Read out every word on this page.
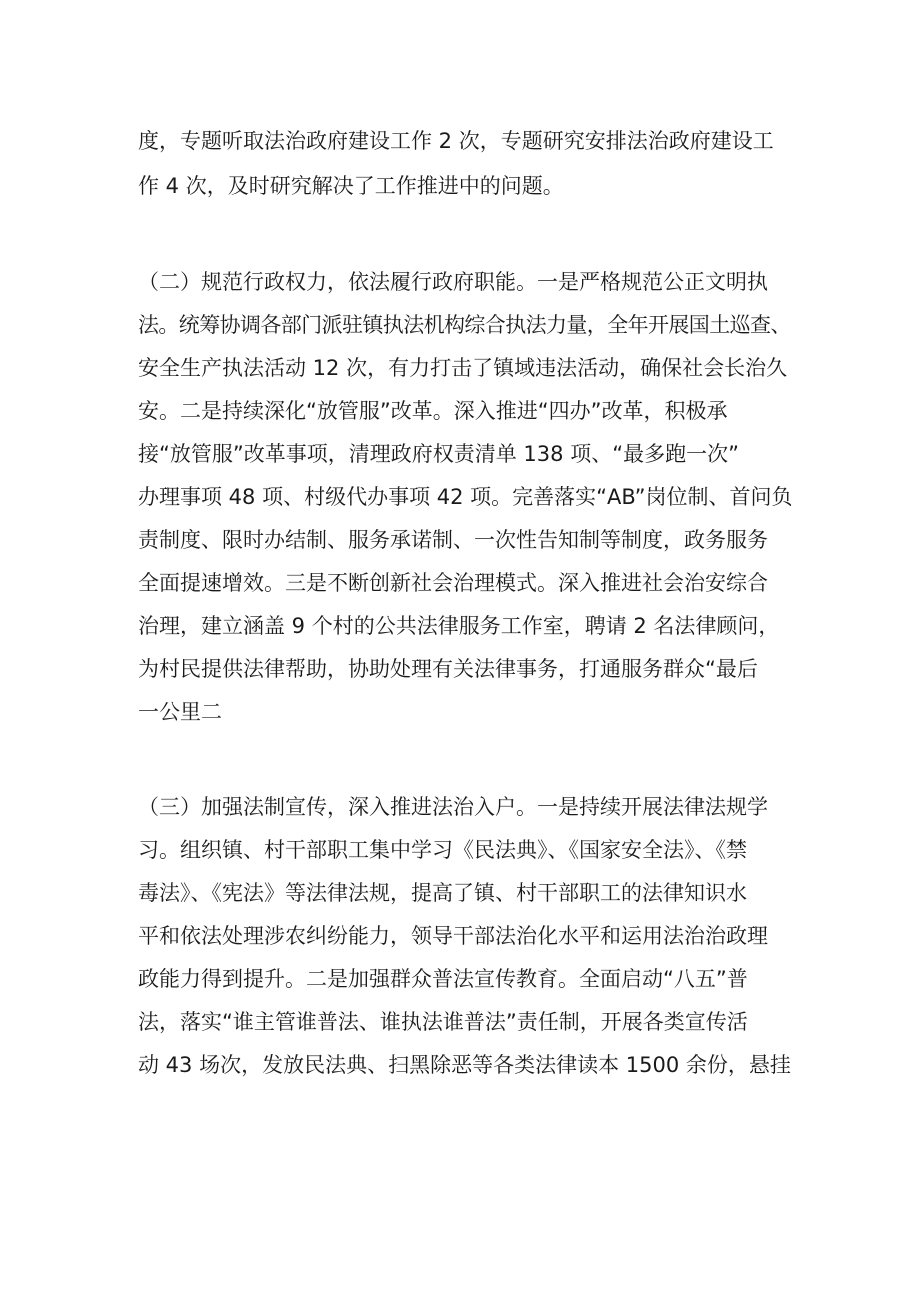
度，专题听取法治政府建设工作 2 次，专题研究安排法治政府建设工
作 4 次，及时研究解决了工作推进中的问题。
（二）规范行政权力，依法履行政府职能。一是严格规范公正文明执
法。统筹协调各部门派驻镇执法机构综合执法力量，全年开展国土巡查、
安全生产执法活动 12 次，有力打击了镇域违法活动，确保社会长治久
安。二是持续深化“放管服”改革。深入推进“四办”改革，积极承
接“放管服”改革事项，清理政府权责清单 138 项、“最多跑一次”
办理事项 48 项、村级代办事项 42 项。完善落实“AB”岗位制、首问负
责制度、限时办结制、服务承诺制、一次性告知制等制度，政务服务
全面提速增效。三是不断创新社会治理模式。深入推进社会治安综合
治理，建立涵盖 9 个村的公共法律服务工作室，聘请 2 名法律顾问，
为村民提供法律帮助，协助处理有关法律事务，打通服务群众“最后
一公里二
（三）加强法制宣传，深入推进法治入户。一是持续开展法律法规学
习。组织镇、村干部职工集中学习《民法典》、《国家安全法》、《禁
毒法》、《宪法》等法律法规，提高了镇、村干部职工的法律知识水
平和依法处理涉农纠纷能力，领导干部法治化水平和运用法治治政理
政能力得到提升。二是加强群众普法宣传教育。全面启动“八五”普
法，落实“谁主管谁普法、谁执法谁普法”责任制，开展各类宣传活
动 43 场次，发放民法典、扫黑除恶等各类法律读本 1500 余份，悬挂
